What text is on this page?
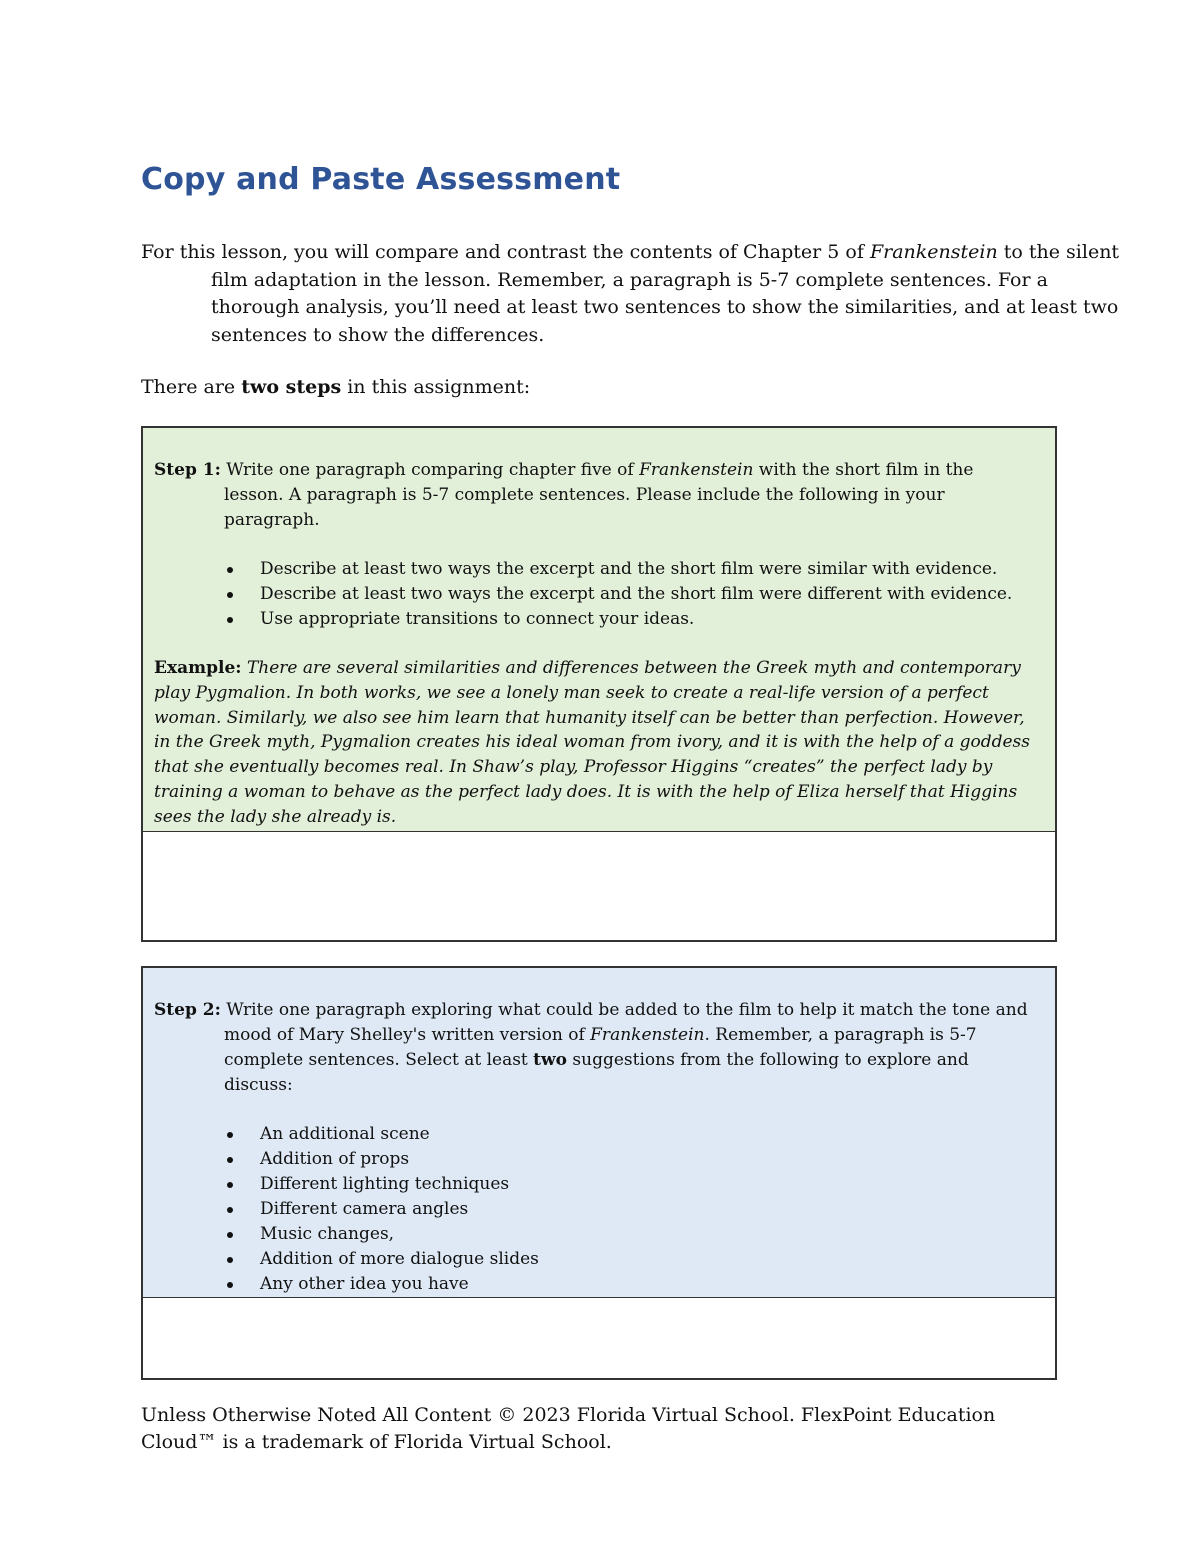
Copy and Paste Assessment

For this lesson, you will compare and contrast the contents of Chapter 5 of Frankenstein to the silent film adaptation in the lesson. Remember, a paragraph is 5-7 complete sentences. For a thorough analysis, you’ll need at least two sentences to show the similarities, and at least two sentences to show the differences.

There are two steps in this assignment:

Step 1: Write one paragraph comparing chapter five of Frankenstein with the short film in the lesson. A paragraph is 5-7 complete sentences. Please include the following in your paragraph.

Describe at least two ways the excerpt and the short film were similar with evidence.
Describe at least two ways the excerpt and the short film were different with evidence.
Use appropriate transitions to connect your ideas.

Example: There are several similarities and differences between the Greek myth and contemporary play Pygmalion. In both works, we see a lonely man seek to create a real-life version of a perfect woman. Similarly, we also see him learn that humanity itself can be better than perfection. However, in the Greek myth, Pygmalion creates his ideal woman from ivory, and it is with the help of a goddess that she eventually becomes real. In Shaw’s play, Professor Higgins “creates” the perfect lady by training a woman to behave as the perfect lady does. It is with the help of Eliza herself that Higgins sees the lady she already is.

Step 2: Write one paragraph exploring what could be added to the film to help it match the tone and mood of Mary Shelley's written version of Frankenstein. Remember, a paragraph is 5-7 complete sentences. Select at least two suggestions from the following to explore and discuss:

An additional scene
Addition of props
Different lighting techniques
Different camera angles
Music changes,
Addition of more dialogue slides
Any other idea you have

Unless Otherwise Noted All Content © 2023 Florida Virtual School. FlexPoint Education Cloud™ is a trademark of Florida Virtual School.
